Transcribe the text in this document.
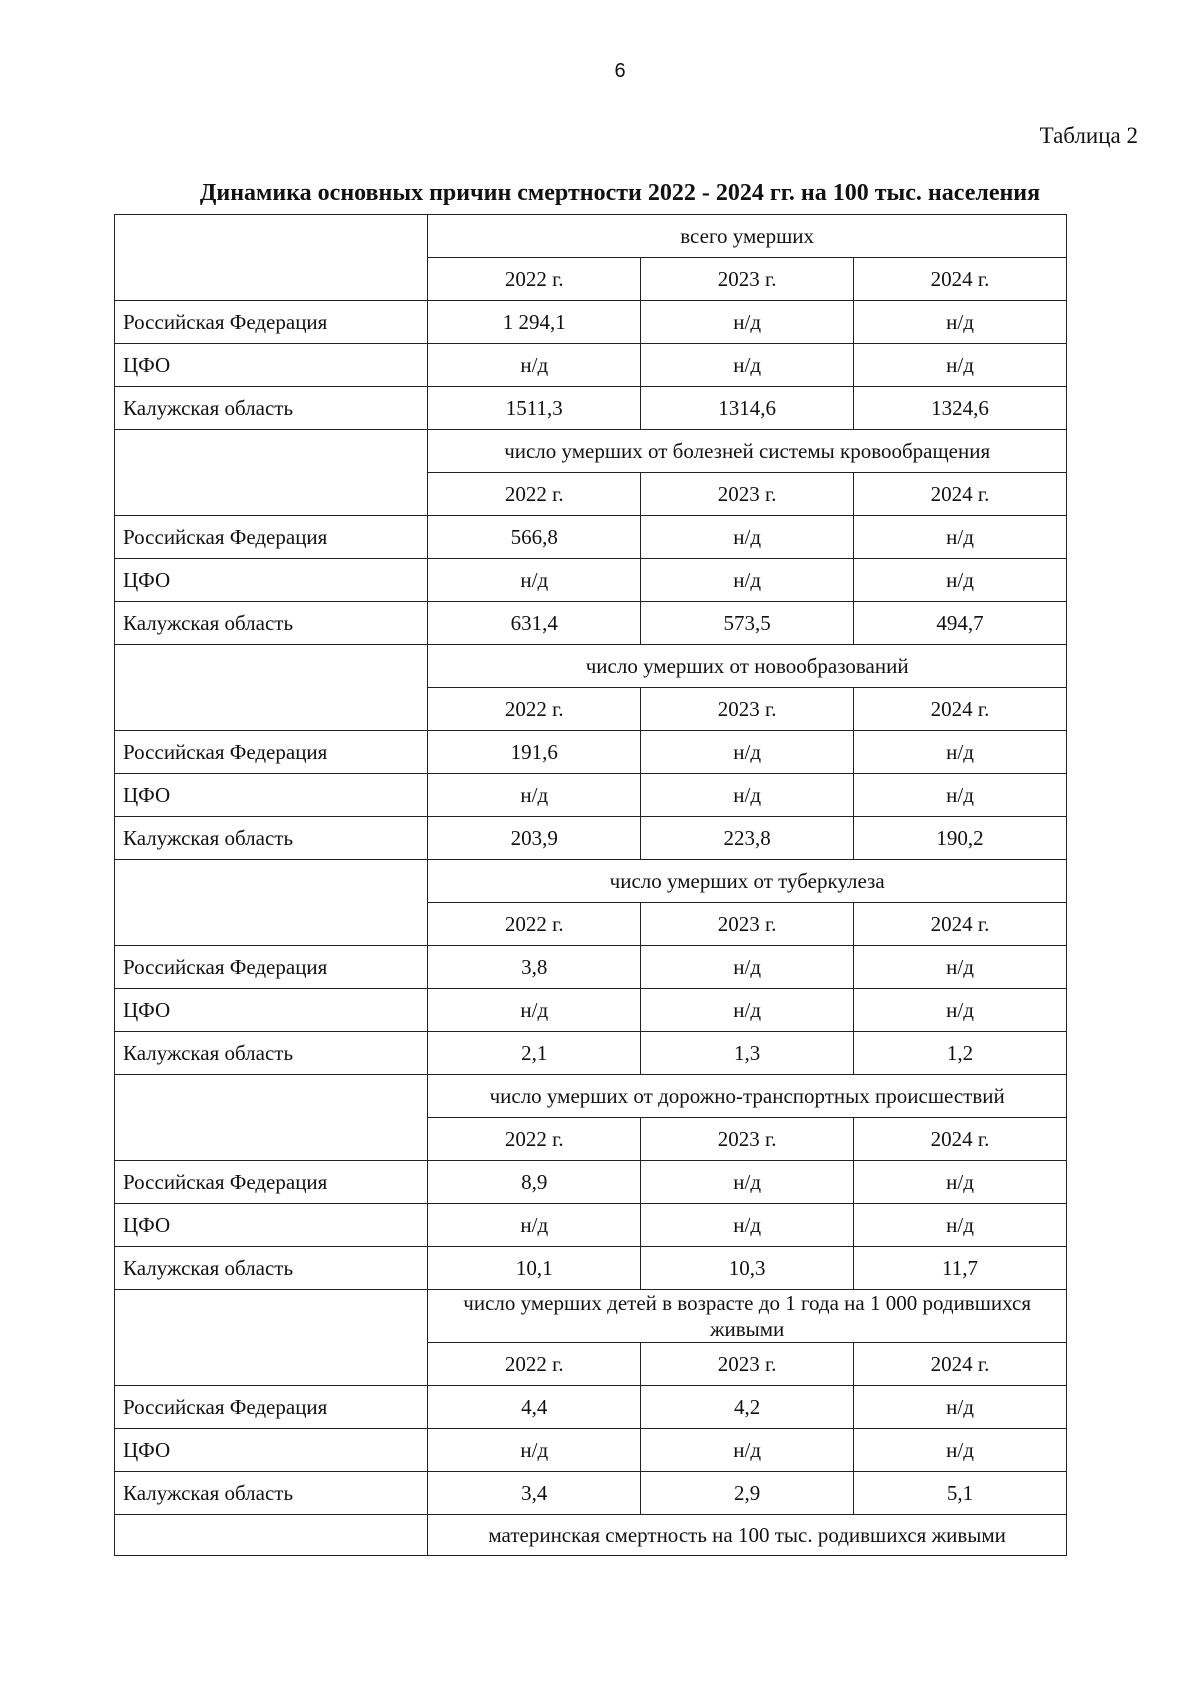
6
Таблица 2
Динамика основных причин смертности 2022 - 2024 гг. на 100 тыс. населения
	всего умерших		
	2022 г.	2023 г.	2024 г.
Российская Федерация	1 294,1	н/д	н/д
ЦФО	н/д	н/д	н/д
Калужская область	1511,3	1314,6	1324,6
	число умерших от болезней системы кровообращения		
	2022 г.	2023 г.	2024 г.
Российская Федерация	566,8	н/д	н/д
ЦФО	н/д	н/д	н/д
Калужская область	631,4	573,5	494,7
	число умерших от новообразований		
	2022 г.	2023 г.	2024 г.
Российская Федерация	191,6	н/д	н/д
ЦФО	н/д	н/д	н/д
Калужская область	203,9	223,8	190,2
	число умерших от туберкулеза		
	2022 г.	2023 г.	2024 г.
Российская Федерация	3,8	н/д	н/д
ЦФО	н/д	н/д	н/д
Калужская область	2,1	1,3	1,2
	число умерших от дорожно-транспортных происшествий		
	2022 г.	2023 г.	2024 г.
Российская Федерация	8,9	н/д	н/д
ЦФО	н/д	н/д	н/д
Калужская область	10,1	10,3	11,7
	число умерших детей в возрасте до 1 года на 1 000 родившихся живыми		
	2022 г.	2023 г.	2024 г.
Российская Федерация	4,4	4,2	н/д
ЦФО	н/д	н/д	н/д
Калужская область	3,4	2,9	5,1
	материнская смертность на 100 тыс. родившихся живыми		
